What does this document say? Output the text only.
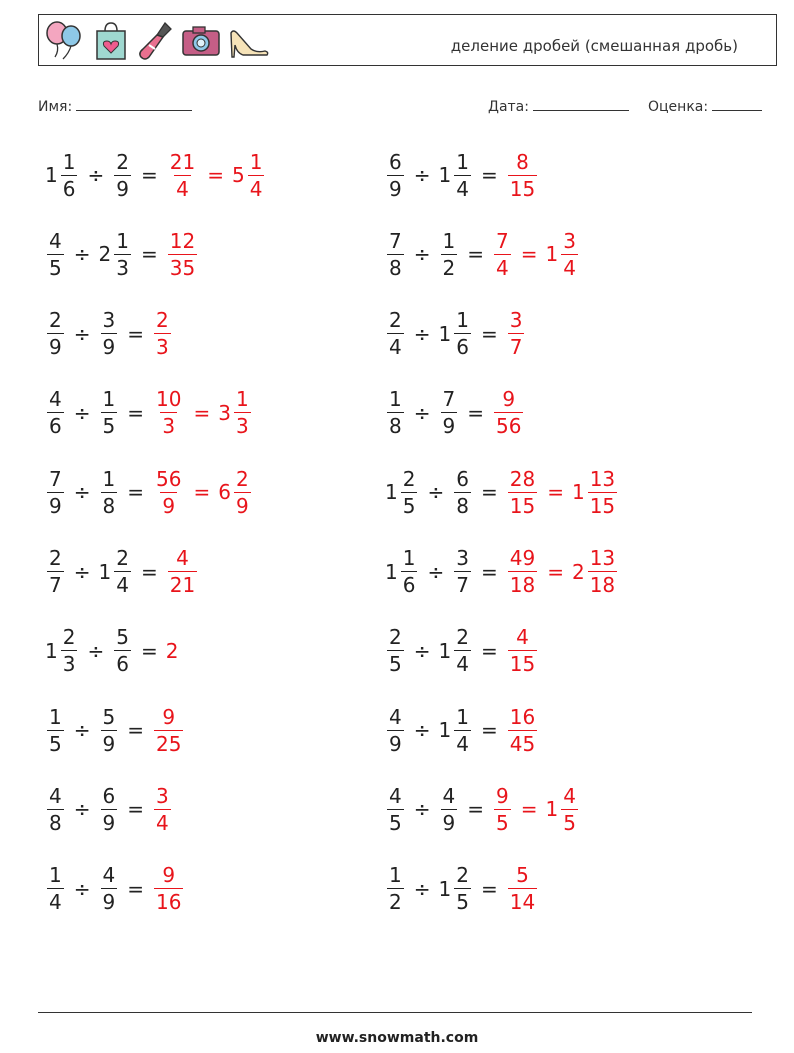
деление дробей (смешанная дробь)
Имя:	Дата:	Оценка:
$1 \frac{1}{6} \div \frac{2}{9} = \frac{21}{4} = 5 \frac{1}{4}$	$\frac{6}{9} \div 1 \frac{1}{4} = \frac{8}{15}$
$\frac{4}{5} \div 2 \frac{1}{3} = \frac{12}{35}$	$\frac{7}{8} \div \frac{1}{2} = \frac{7}{4} = 1 \frac{3}{4}$
$\frac{2}{9} \div \frac{3}{9} = \frac{2}{3}$	$\frac{2}{4} \div 1 \frac{1}{6} = \frac{3}{7}$
$\frac{4}{6} \div \frac{1}{5} = \frac{10}{3} = 3 \frac{1}{3}$	$\frac{1}{8} \div \frac{7}{9} = \frac{9}{56}$
$\frac{7}{9} \div \frac{1}{8} = \frac{56}{9} = 6 \frac{2}{9}$	$1 \frac{2}{5} \div \frac{6}{8} = \frac{28}{15} = 1 \frac{13}{15}$
$\frac{2}{7} \div 1 \frac{2}{4} = \frac{4}{21}$	$1 \frac{1}{6} \div \frac{3}{7} = \frac{49}{18} = 2 \frac{13}{18}$
$1 \frac{2}{3} \div \frac{5}{6} = 2$	$\frac{2}{5} \div 1 \frac{2}{4} = \frac{4}{15}$
$\frac{1}{5} \div \frac{5}{9} = \frac{9}{25}$	$\frac{4}{9} \div 1 \frac{1}{4} = \frac{16}{45}$
$\frac{4}{8} \div \frac{6}{9} = \frac{3}{4}$	$\frac{4}{5} \div \frac{4}{9} = \frac{9}{5} = 1 \frac{4}{5}$
$\frac{1}{4} \div \frac{4}{9} = \frac{9}{16}$	$\frac{1}{2} \div 1 \frac{2}{5} = \frac{5}{14}$
www.snowmath.com
